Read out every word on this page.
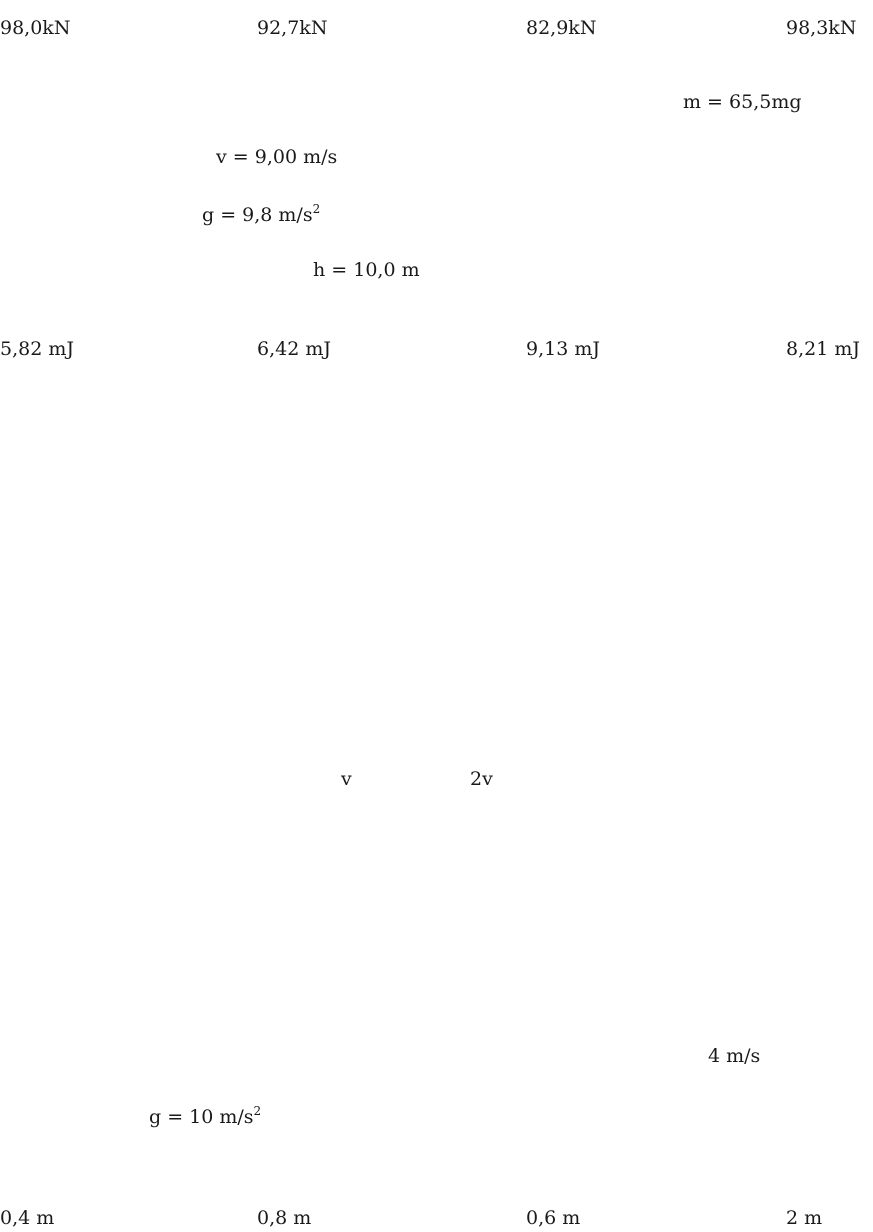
98,0kN	92,7kN	82,9kN	98,3kN
m = 65,5mg
v = 9,00 m/s
g = 9,8 $m/s^2$
h = 10,0 m
5,82 mJ	6,42 mJ	9,13 mJ	8,21 mJ
v	2v
4 m/s
g = 10 $m/s^2$
0,4 m	0,8 m	0,6 m	2 m
